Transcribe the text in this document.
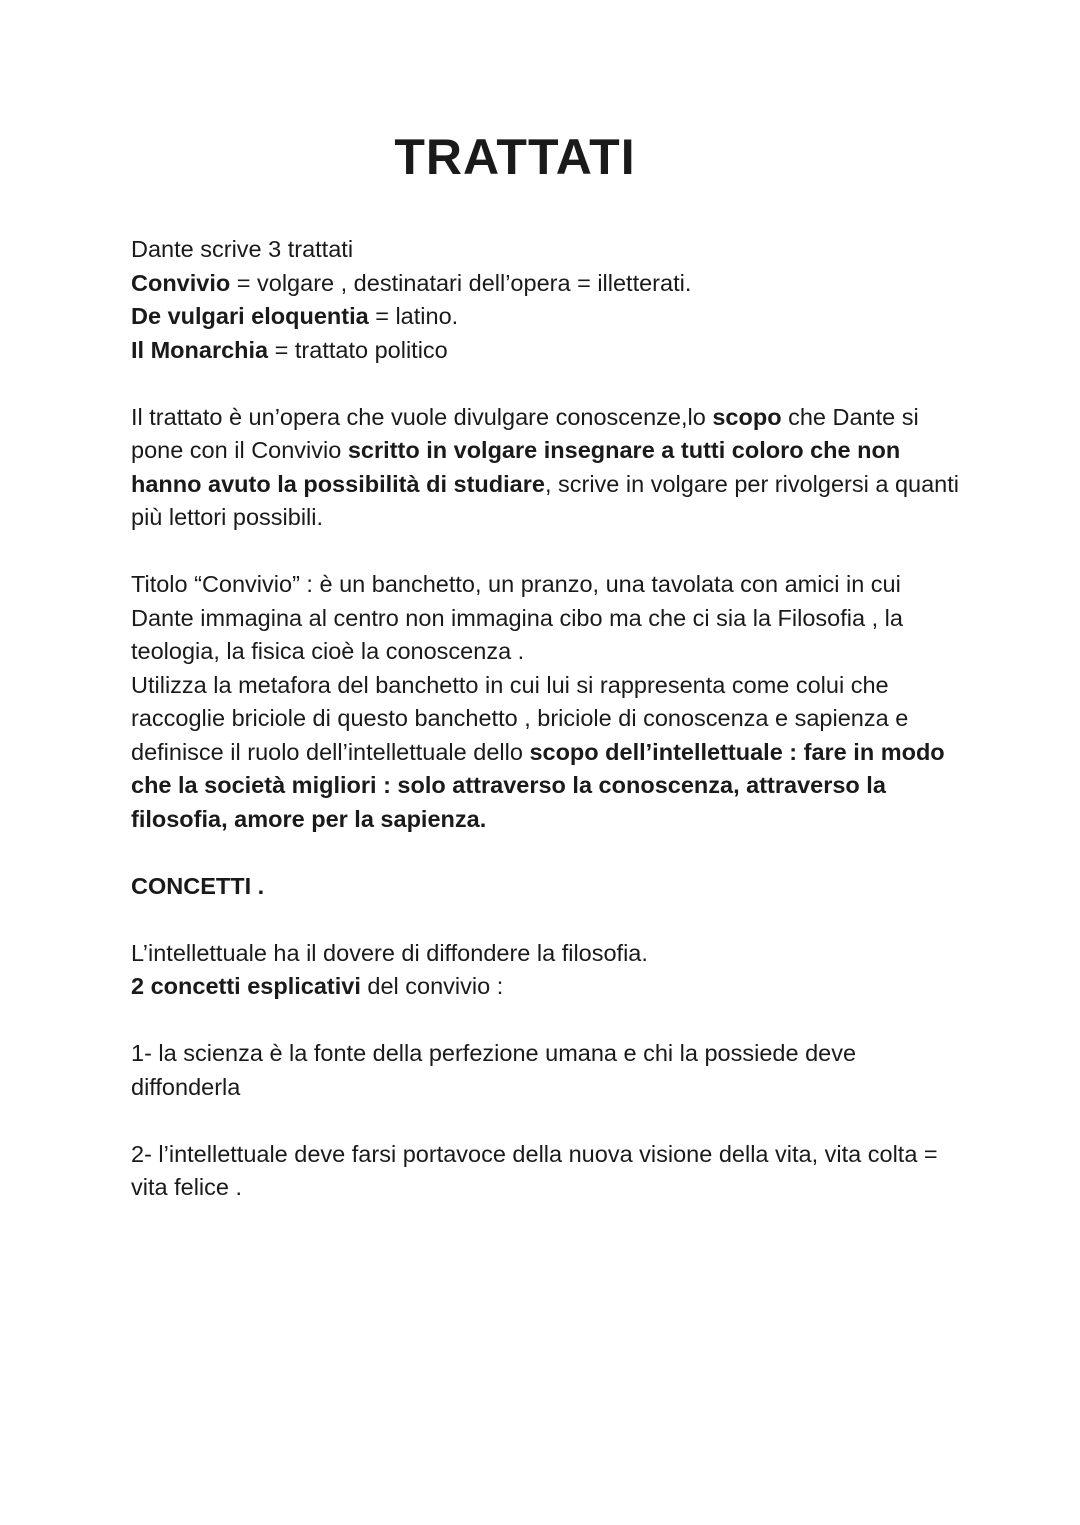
TRATTATI

Dante scrive 3 trattati

Convivio = volgare , destinatari dell’opera = illetterati.

De vulgari eloquentia = latino.

Il Monarchia = trattato politico

Il trattato è un’opera che vuole divulgare conoscenze,lo scopo che Dante si pone con il Convivio scritto in volgare insegnare a tutti coloro che non hanno avuto la possibilità di studiare, scrive in volgare per rivolgersi a quanti più lettori possibili.

Titolo “Convivio” : è un banchetto, un pranzo, una tavolata con amici in cui Dante immagina al centro non immagina cibo ma che ci sia la Filosofia , la teologia, la fisica cioè la conoscenza .

Utilizza la metafora del banchetto in cui lui si rappresenta come colui che raccoglie briciole di questo banchetto , briciole di conoscenza e sapienza e definisce il ruolo dell’intellettuale dello scopo dell’intellettuale : fare in modo che la società migliori : solo attraverso la conoscenza, attraverso la filosofia, amore per la sapienza.

CONCETTI .

L’intellettuale ha il dovere di diffondere la filosofia.

2 concetti esplicativi del convivio :

1- la scienza è la fonte della perfezione umana e chi la possiede deve diffonderla

2- l’intellettuale deve farsi portavoce della nuova visione della vita, vita colta = vita felice .
